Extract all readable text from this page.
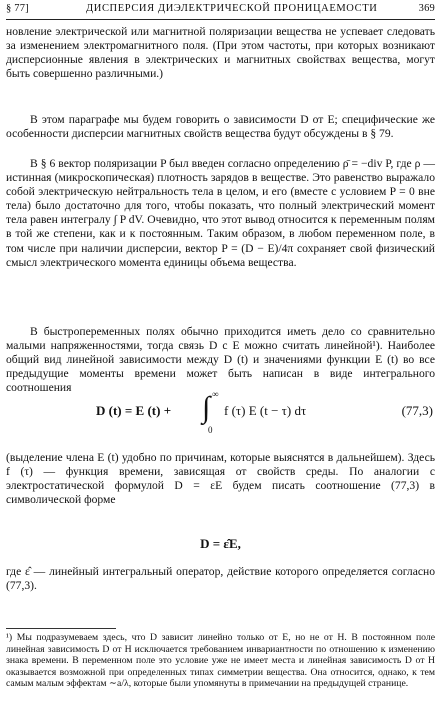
§ 77]	ДИСПЕРСИЯ ДИЭЛЕКТРИЧЕСКОЙ ПРОНИЦАЕМОСТИ	369

новление электрической или магнитной поляризации вещества не успевает следовать за изменением электромагнитного поля. (При этом частоты, при которых возникают дисперсионные явления в электрических и магнитных свойствах вещества, могут быть совершенно различными.)

В этом параграфе мы будем говорить о зависимости D от E; специфические же особенности дисперсии магнитных свойств вещества будут обсуждены в § 79.

В § 6 вектор поляризации P был введен согласно определению ρ̄ = −div P, где ρ — истинная (микроскопическая) плотность зарядов в веществе. Это равенство выражало собой электрическую нейтральность тела в целом, и его (вместе с условием P = 0 вне тела) было достаточно для того, чтобы показать, что полный электрический момент тела равен интегралу ∫ P dV. Очевидно, что этот вывод относится к переменным полям в той же степени, как и к постоянным. Таким образом, в любом переменном поле, в том числе при наличии дисперсии, вектор P = (D − E)/4π сохраняет свой физический смысл электрического момента единицы объема вещества.

В быстропеременных полях обычно приходится иметь дело со сравнительно малыми напряженностями, тогда связь D с E можно считать линейной¹). Наиболее общий вид линейной зависимости между D (t) и значениями функции E (t) во все предыдущие моменты времени может быть написан в виде интегрального соотношения

D (t) = E (t) + ∫ ∞
0
f (τ) E (t − τ) dτ	(77,3)

(выделение члена E (t) удобно по причинам, которые выяснятся в дальнейшем). Здесь f (τ) — функция времени, зависящая от свойств среды. По аналогии с электростатической формулой D = εE будем писать соотношение (77,3) в символической форме

D = ε̂E,

где ε̂ — линейный интегральный оператор, действие которого определяется согласно (77,3).

¹) Мы подразумеваем здесь, что D зависит линейно только от E, но не от H. В постоянном поле линейная зависимость D от H исключается требованием инвариантности по отношению к изменению знака времени. В переменном поле это условие уже не имеет места и линейная зависимость D от H оказывается возможной при определенных типах симметрии вещества. Она относится, однако, к тем самым малым эффектам ∼a/λ, которые были упомянуты в примечании на предыдущей странице.
